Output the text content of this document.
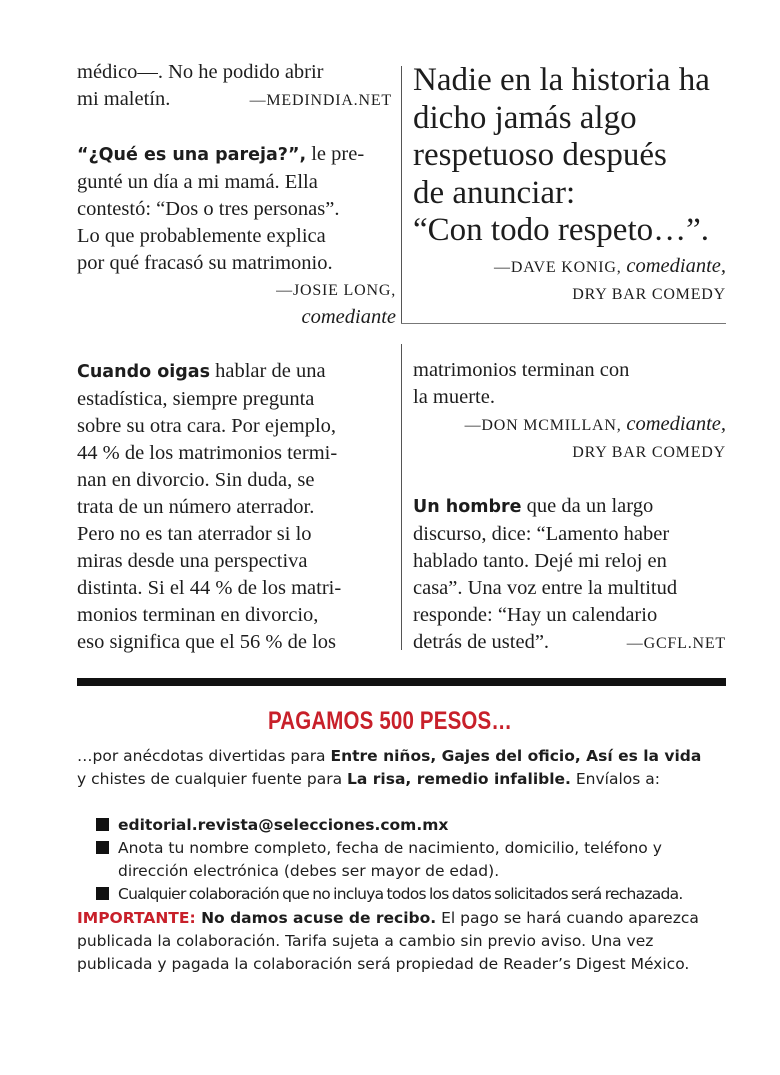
médico—. No he podido abrir
mi maletín.	—MEDINDIA.NET
“¿Qué es una pareja?”, le pre-
gunté un día a mi mamá. Ella
contestó: “Dos o tres personas”.
Lo que probablemente explica
por qué fracasó su matrimonio.
—JOSIE LONG,
comediante
Cuando oigas hablar de una
estadística, siempre pregunta
sobre su otra cara. Por ejemplo,
44 % de los matrimonios termi-
nan en divorcio. Sin duda, se
trata de un número aterrador.
Pero no es tan aterrador si lo
miras desde una perspectiva
distinta. Si el 44 % de los matri-
monios terminan en divorcio,
eso significa que el 56 % de los
Nadie en la historia ha
dicho jamás algo
respetuoso después
de anunciar:
“Con todo respeto…”.
—DAVE KONIG, comediante,
DRY BAR COMEDY
matrimonios terminan con
la muerte.
—DON MCMILLAN, comediante,
DRY BAR COMEDY
Un hombre que da un largo
discurso, dice: “Lamento haber
hablado tanto. Dejé mi reloj en
casa”. Una voz entre la multitud
responde: “Hay un calendario
detrás de usted”.	—GCFL.NET
PAGAMOS 500 PESOS…
…por anécdotas divertidas para Entre niños, Gajes del oficio, Así es la vida
y chistes de cualquier fuente para La risa, remedio infalible. Envíalos a:
editorial.revista@selecciones.com.mx
Anota tu nombre completo, fecha de nacimiento, domicilio, teléfono y
dirección electrónica (debes ser mayor de edad).
Cualquier colaboración que no incluya todos los datos solicitados será rechazada.
IMPORTANTE: No damos acuse de recibo. El pago se hará cuando aparezca
publicada la colaboración. Tarifa sujeta a cambio sin previo aviso. Una vez
publicada y pagada la colaboración será propiedad de Reader’s Digest México.
